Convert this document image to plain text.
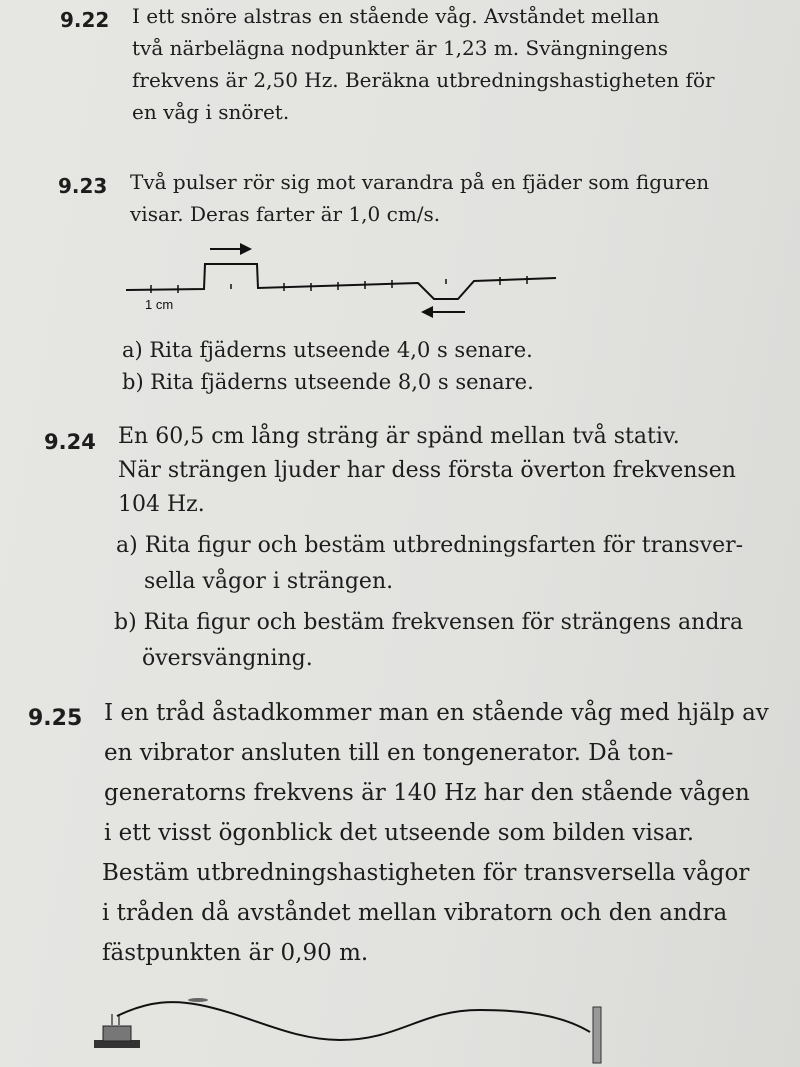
9.22 I ett snöre alstras en stående våg. Avståndet mellan
två närbelägna nodpunkter är 1,23 m. Svängningens
frekvens är 2,50 Hz. Beräkna utbredningshastigheten för
en våg i snöret.
9.23 Två pulser rör sig mot varandra på en fjäder som figuren
visar. Deras farter är 1,0 cm/s.
1 cm
a) Rita fjäderns utseende 4,0 s senare.
b) Rita fjäderns utseende 8,0 s senare.
9.24 En 60,5 cm lång sträng är spänd mellan två stativ.
När strängen ljuder har dess första överton frekvensen
104 Hz.
a) Rita figur och bestäm utbredningsfarten för transver-
sella vågor i strängen.
b) Rita figur och bestäm frekvensen för strängens andra
översvängning.
9.25 I en tråd åstadkommer man en stående våg med hjälp av
en vibrator ansluten till en tongenerator. Då ton-
generatorns frekvens är 140 Hz har den stående vågen
i ett visst ögonblick det utseende som bilden visar.
Bestäm utbredningshastigheten för transversella vågor
i tråden då avståndet mellan vibratorn och den andra
fästpunkten är 0,90 m.
